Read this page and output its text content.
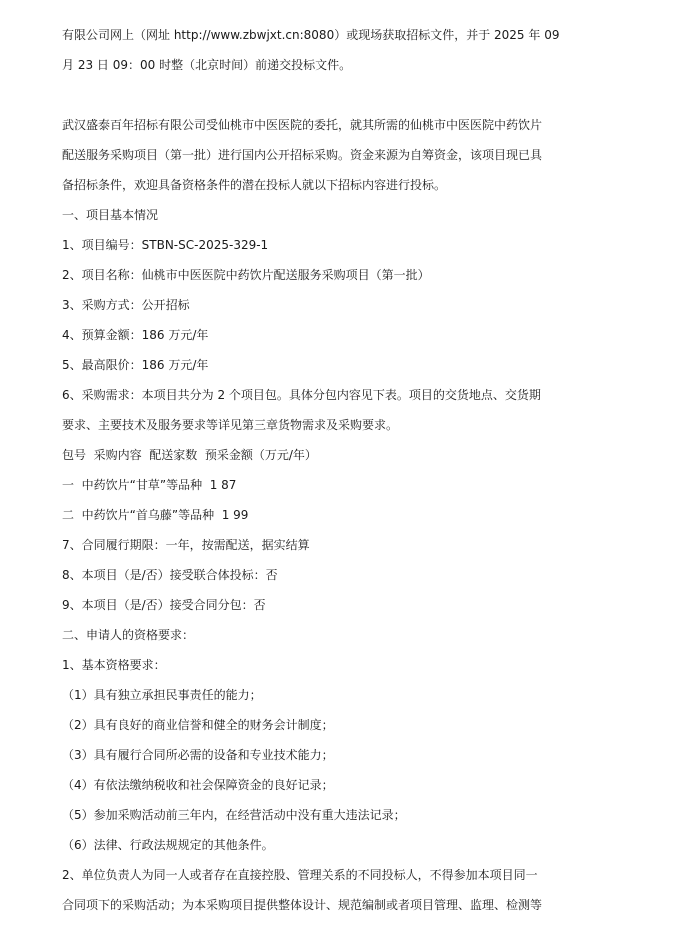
有限公司网上（网址 http://www.zbwjxt.cn:8080）或现场获取招标文件，并于 2025 年 09

月 23 日 09：00 时整（北京时间）前递交投标文件。

武汉盛泰百年招标有限公司受仙桃市中医医院的委托，就其所需的仙桃市中医医院中药饮片

配送服务采购项目（第一批）进行国内公开招标采购。资金来源为自筹资金，该项目现已具

备招标条件，欢迎具备资格条件的潜在投标人就以下招标内容进行投标。

一、项目基本情况

1、项目编号：STBN-SC-2025-329-1

2、项目名称：仙桃市中医医院中药饮片配送服务采购项目（第一批）

3、采购方式：公开招标

4、预算金额：186 万元/年

5、最高限价：186 万元/年

6、采购需求：本项目共分为 2 个项目包。具体分包内容见下表。项目的交货地点、交货期

要求、主要技术及服务要求等详见第三章货物需求及采购要求。

包号  采购内容  配送家数  预采金额（万元/年）

一  中药饮片“甘草”等品种  1 87

二  中药饮片“首乌藤”等品种  1 99

7、合同履行期限：一年，按需配送，据实结算

8、本项目（是/否）接受联合体投标：否

9、本项目（是/否）接受合同分包：否

二、申请人的资格要求：

1、基本资格要求：

（1）具有独立承担民事责任的能力；

（2）具有良好的商业信誉和健全的财务会计制度；

（3）具有履行合同所必需的设备和专业技术能力；

（4）有依法缴纳税收和社会保障资金的良好记录；

（5）参加采购活动前三年内，在经营活动中没有重大违法记录；

（6）法律、行政法规规定的其他条件。

2、单位负责人为同一人或者存在直接控股、管理关系的不同投标人，不得参加本项目同一

合同项下的采购活动；为本采购项目提供整体设计、规范编制或者项目管理、监理、检测等
